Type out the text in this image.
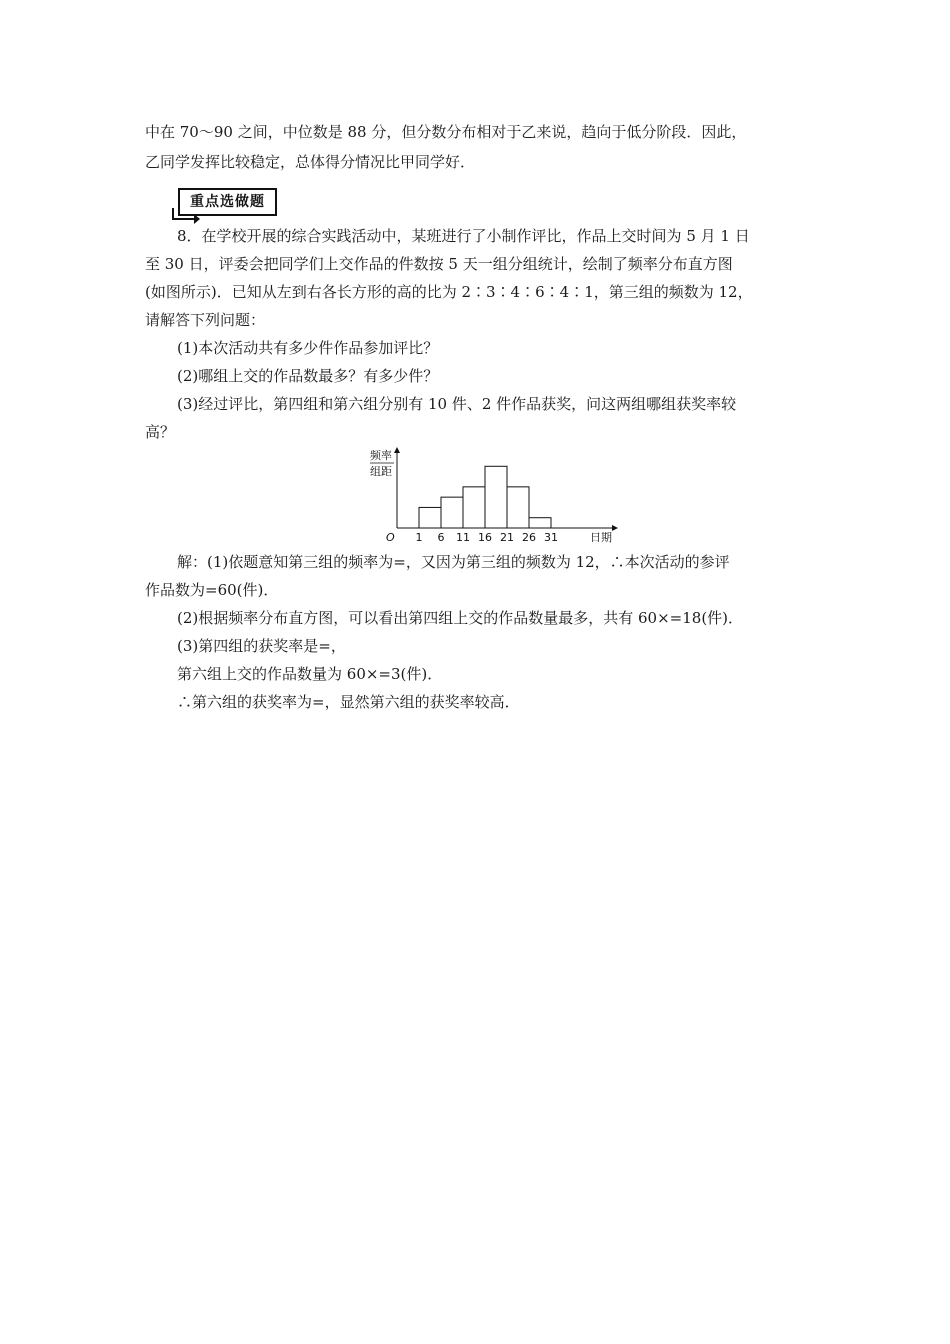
中在 70～90 之间，中位数是 88 分，但分数分布相对于乙来说，趋向于低分阶段．因此，
乙同学发挥比较稳定，总体得分情况比甲同学好．
重点选做题
8．在学校开展的综合实践活动中，某班进行了小制作评比，作品上交时间为 5 月 1 日
至 30 日，评委会把同学们上交作品的件数按 5 天一组分组统计，绘制了频率分布直方图
(如图所示)．已知从左到右各长方形的高的比为 2∶3∶4∶6∶4∶1，第三组的频数为 12，
请解答下列问题：
(1)本次活动共有多少件作品参加评比？
(2)哪组上交的作品数最多？有多少件？
(3)经过评比，第四组和第六组分别有 10 件、2 件作品获奖，问这两组哪组获奖率较
高？
1 6 11 16 21 26 31
频率
组距
O	日期
解：(1)依题意知第三组的频率为=，又因为第三组的频数为 12，∴本次活动的参评
作品数为=60(件)．
(2)根据频率分布直方图，可以看出第四组上交的作品数量最多，共有 60×=18(件)．
(3)第四组的获奖率是=，
第六组上交的作品数量为 60×=3(件)．
∴第六组的获奖率为=，显然第六组的获奖率较高．
